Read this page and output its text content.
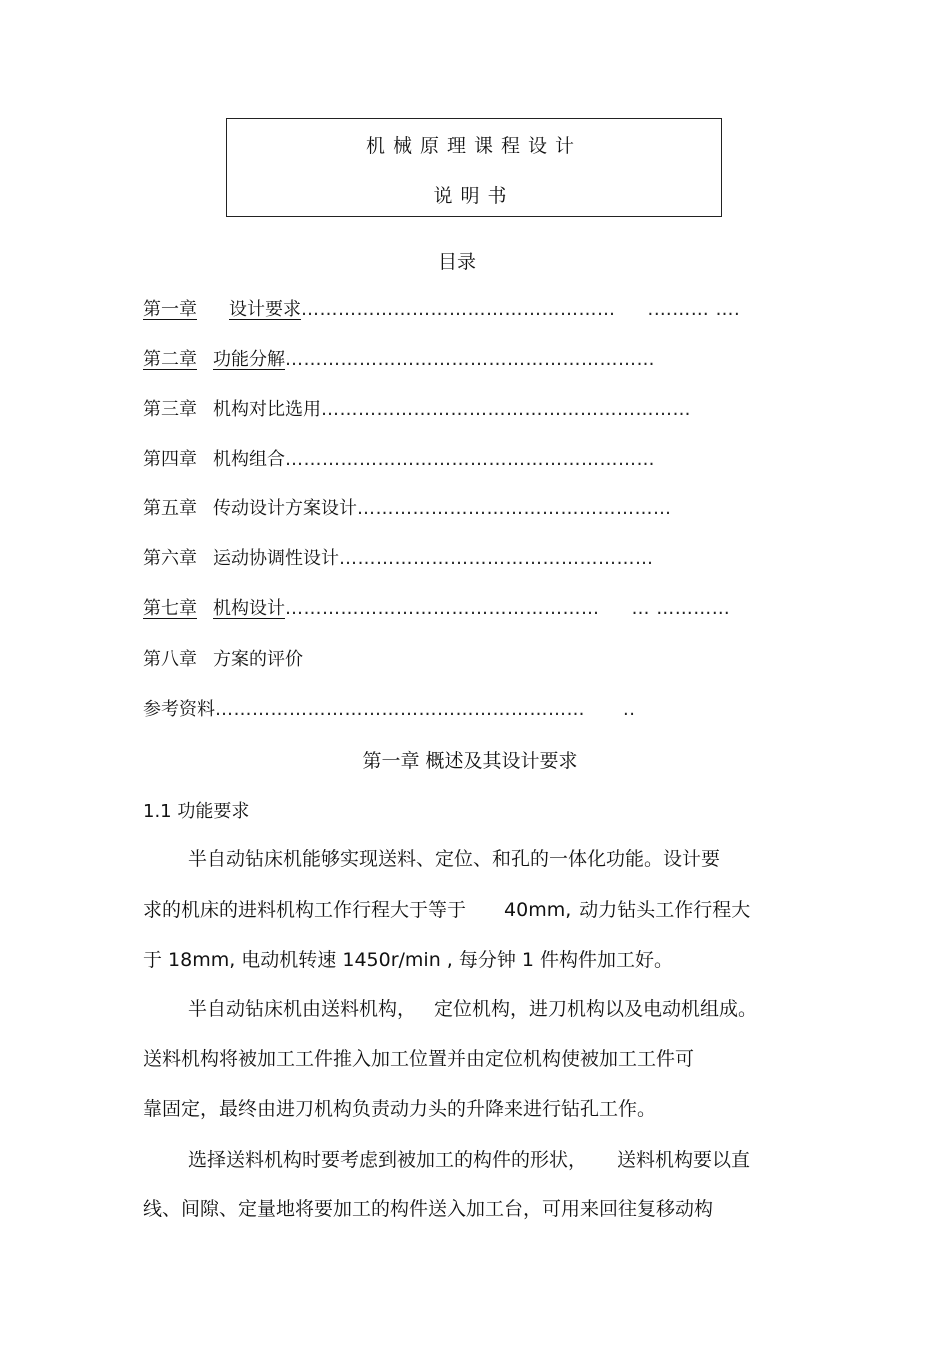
机械原理课程设计
说明书
目录
第一章 设计要求…………………………………………… .……… ….
第二章 功能分解……………………………………………………
第三章 机构对比选用……………………………………………………
第四章 机构组合……………………………………………………
第五章 传动设计方案设计……………………………………………
第六章 运动协调性设计……………………………………………
第七章 机构设计…………………………………………… … …………
第八章 方案的评价
参考资料…………………………………………………… ..
第一章 概述及其设计要求
1.1 功能要求
半自动钻床机能够实现送料、定位、和孔的一体化功能。设计要
求的机床的进料机构工作行程大于等于 40mm, 动力钻头工作行程大
于 18mm, 电动机转速 1450r/min , 每分钟 1 件构件加工好。
半自动钻床机由送料机构， 定位机构，进刀机构以及电动机组成。
送料机构将被加工工件推入加工位置并由定位机构使被加工工件可
靠固定，最终由进刀机构负责动力头的升降来进行钻孔工作。
选择送料机构时要考虑到被加工的构件的形状， 送料机构要以直
线、间隙、定量地将要加工的构件送入加工台，可用来回往复移动构
